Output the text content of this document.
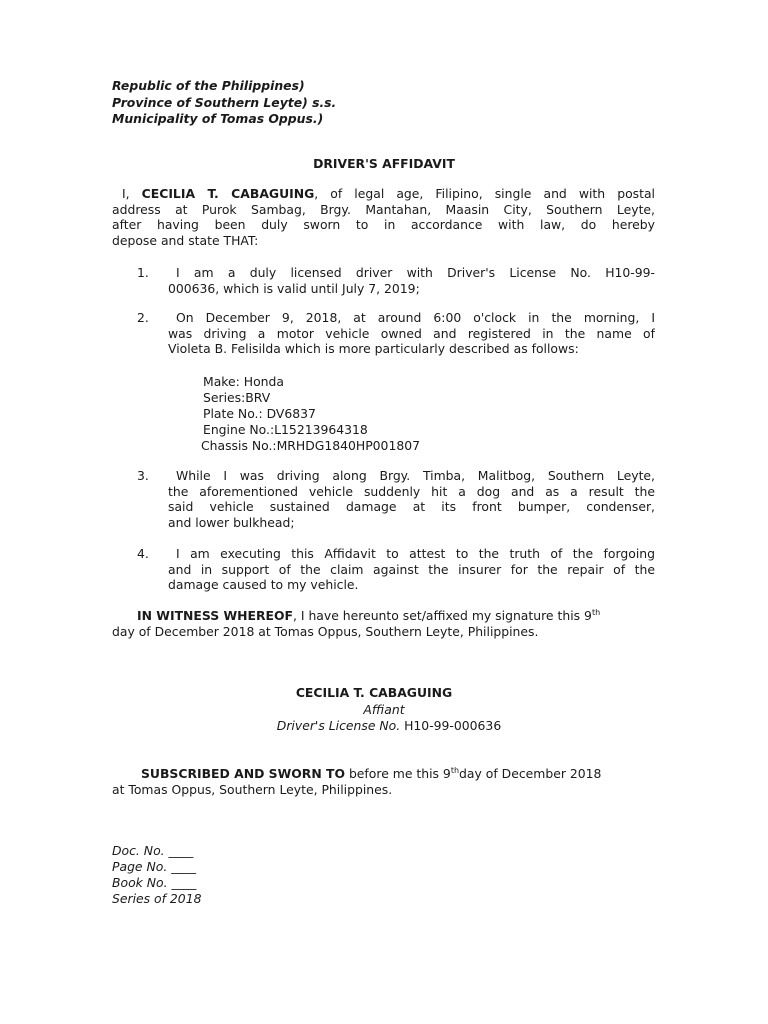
Republic of the Philippines)
Province of Southern Leyte) s.s.
Municipality of Tomas Oppus.)
DRIVER'S AFFIDAVIT
I, CECILIA T. CABAGUING, of legal age, Filipino, single and with postal
address at Purok Sambag, Brgy. Mantahan, Maasin City, Southern Leyte,
after having been duly sworn to in accordance with law, do hereby
depose and state THAT:
1.	I am a duly licensed driver with Driver's License No. H10-99-
000636, which is valid until July 7, 2019;
2.	On December 9, 2018, at around 6:00 o'clock in the morning, I
was driving a motor vehicle owned and registered in the name of
Violeta B. Felisilda which is more particularly described as follows:
Make: Honda
Series:BRV
Plate No.: DV6837
Engine No.:L15213964318
Chassis No.:MRHDG1840HP001807
3.	While I was driving along Brgy. Timba, Malitbog, Southern Leyte,
the aforementioned vehicle suddenly hit a dog and as a result the
said vehicle sustained damage at its front bumper, condenser,
and lower bulkhead;
4.	I am executing this Affidavit to attest to the truth of the forgoing
and in support of the claim against the insurer for the repair of the
damage caused to my vehicle.
IN WITNESS WHEREOF, I have hereunto set/affixed my signature this 9th
day of December 2018 at Tomas Oppus, Southern Leyte, Philippines.
CECILIA T. CABAGUING
Affiant
Driver's License No. H10-99-000636
SUBSCRIBED AND SWORN TO before me this 9thday of December 2018
at Tomas Oppus, Southern Leyte, Philippines.
Doc. No. ____
Page No. ____
Book No. ____
Series of 2018
